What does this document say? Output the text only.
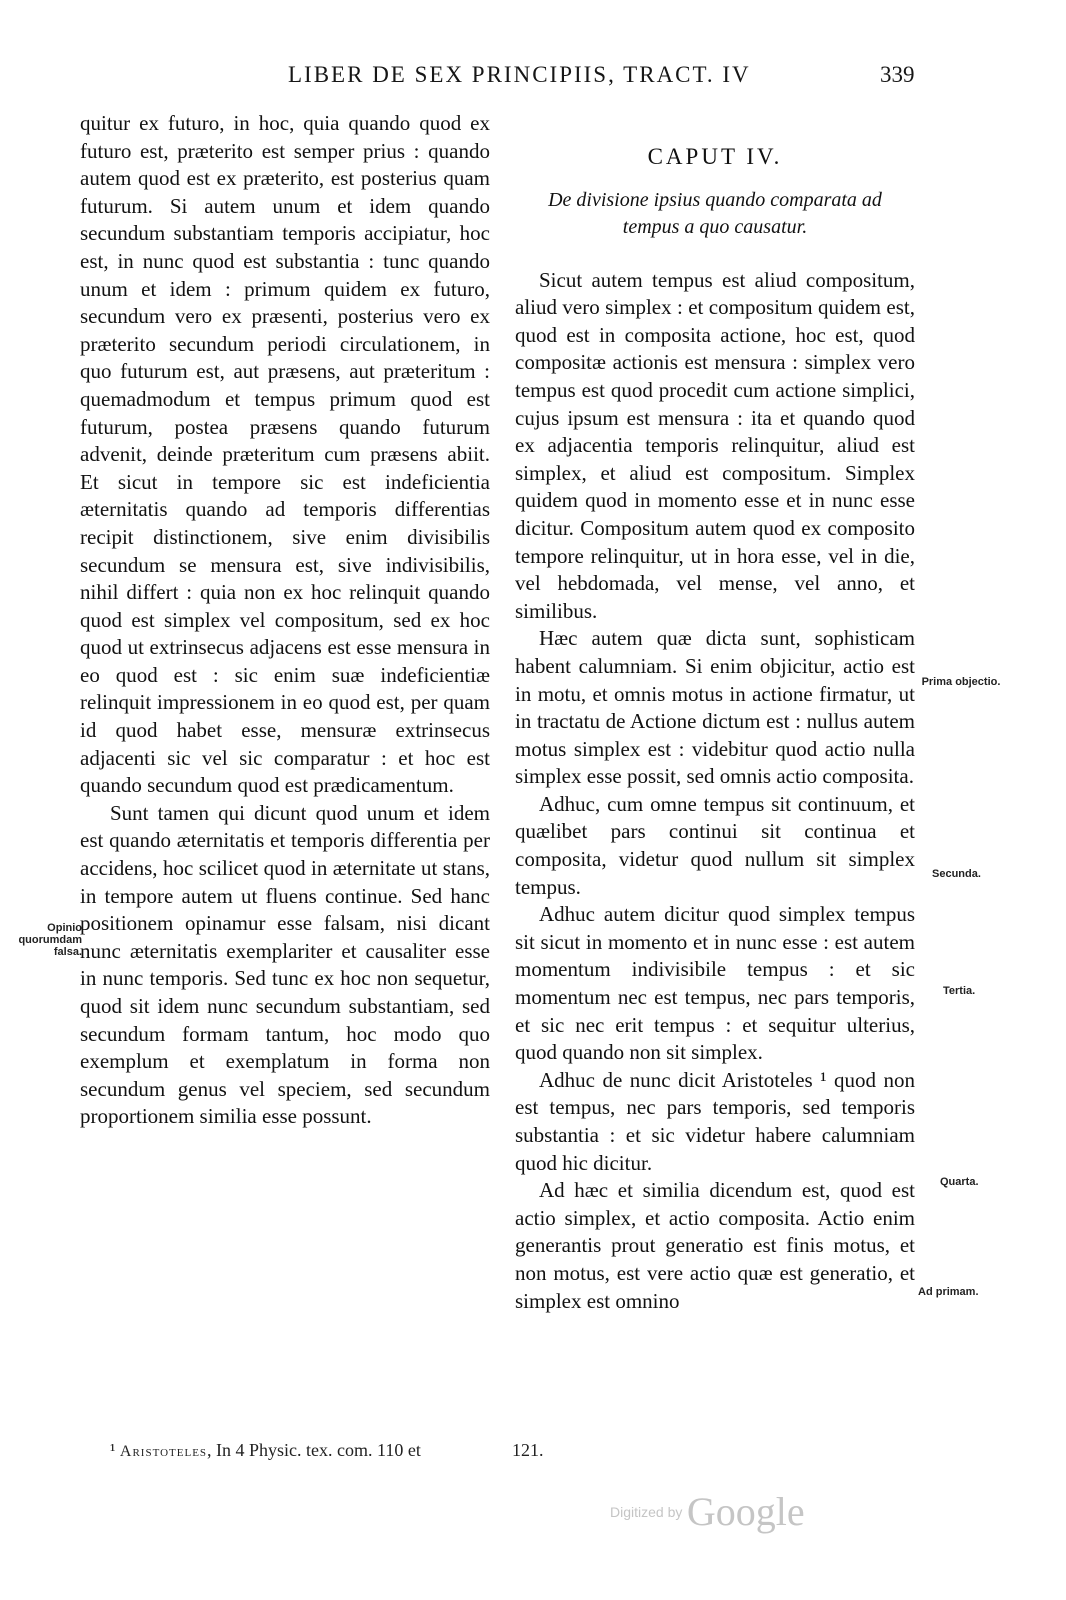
LIBER DE SEX PRINCIPIIS, TRACT. IV	339

quitur ex futuro, in hoc, quia quando quod ex futuro est, præterito est semper prius : quando autem quod est ex præterito, est posterius quam futurum. Si autem unum et idem quando secundum substantiam temporis accipiatur, hoc est, in nunc quod est substantia : tunc quando unum et idem : primum quidem ex futuro, secundum vero ex præsenti, posterius vero ex præterito secundum periodi circulationem, in quo futurum est, aut præsens, aut præteritum : quemadmodum et tempus primum quod est futurum, postea præsens quando futurum advenit, deinde præteritum cum præsens abiit. Et sicut in tempore sic est indeficientia æternitatis quando ad temporis differentias recipit distinctionem, sive enim divisibilis secundum se mensura est, sive indivisibilis, nihil differt : quia non ex hoc relinquit quando quod est simplex vel compositum, sed ex hoc quod ut extrinsecus adjacens est esse mensura in eo quod est : sic enim suæ indeficientiæ relinquit impressionem in eo quod est, per quam id quod habet esse, mensuræ extrinsecus adjacenti sic vel sic comparatur : et hoc est quando secundum quod est prædicamentum.

Sunt tamen qui dicunt quod unum et idem est quando æternitatis et temporis differentia per accidens, hoc scilicet quod in æternitate ut stans, in tempore autem ut fluens continue. Sed hanc positionem opinamur esse falsam, nisi dicant nunc æternitatis exemplariter et causaliter esse in nunc temporis. Sed tunc ex hoc non sequetur, quod sit idem nunc secundum substantiam, sed secundum formam tantum, hoc modo quo exemplum et exemplatum in forma non secundum genus vel speciem, sed secundum proportionem similia esse possunt.

CAPUT IV.
De divisione ipsius quando comparata ad tempus a quo causatur.

Sicut autem tempus est aliud compositum, aliud vero simplex : et compositum quidem est, quod est in composita actione, hoc est, quod compositæ actionis est mensura : simplex vero tempus est quod procedit cum actione simplici, cujus ipsum est mensura : ita et quando quod ex adjacentia temporis relinquitur, aliud est simplex, et aliud est compositum. Simplex quidem quod in momento esse et in nunc esse dicitur. Compositum autem quod ex composito tempore relinquitur, ut in hora esse, vel in die, vel hebdomada, vel mense, vel anno, et similibus.

Hæc autem quæ dicta sunt, sophisticam habent calumniam. Si enim objicitur, actio est in motu, et omnis motus in actione firmatur, ut in tractatu de Actione dictum est : nullus autem motus simplex est : videbitur quod actio nulla simplex esse possit, sed omnis actio composita.

Adhuc, cum omne tempus sit continuum, et quælibet pars continui sit continua et composita, videtur quod nullum sit simplex tempus.

Adhuc autem dicitur quod simplex tempus sit sicut in momento et in nunc esse : est autem momentum indivisibile tempus : et sic momentum nec est tempus, nec pars temporis, et sic nec erit tempus : et sequitur ulterius, quod quando non sit simplex.

Adhuc de nunc dicit Aristoteles ¹ quod non est tempus, nec pars temporis, sed temporis substantia : et sic videtur habere calumniam quod hic dicitur.

Ad hæc et similia dicendum est, quod est actio simplex, et actio composita. Actio enim generantis prout generatio est finis motus, et non motus, est vere actio quæ est generatio, et simplex est omnino

Opinio quorumdam falsa.
Prima objectio.
Secunda.
Tertia.
Quarta.
Ad primam.
¹ Aristoteles, In 4 Physic. tex. com. 110 et	121.
Digitized by Google
